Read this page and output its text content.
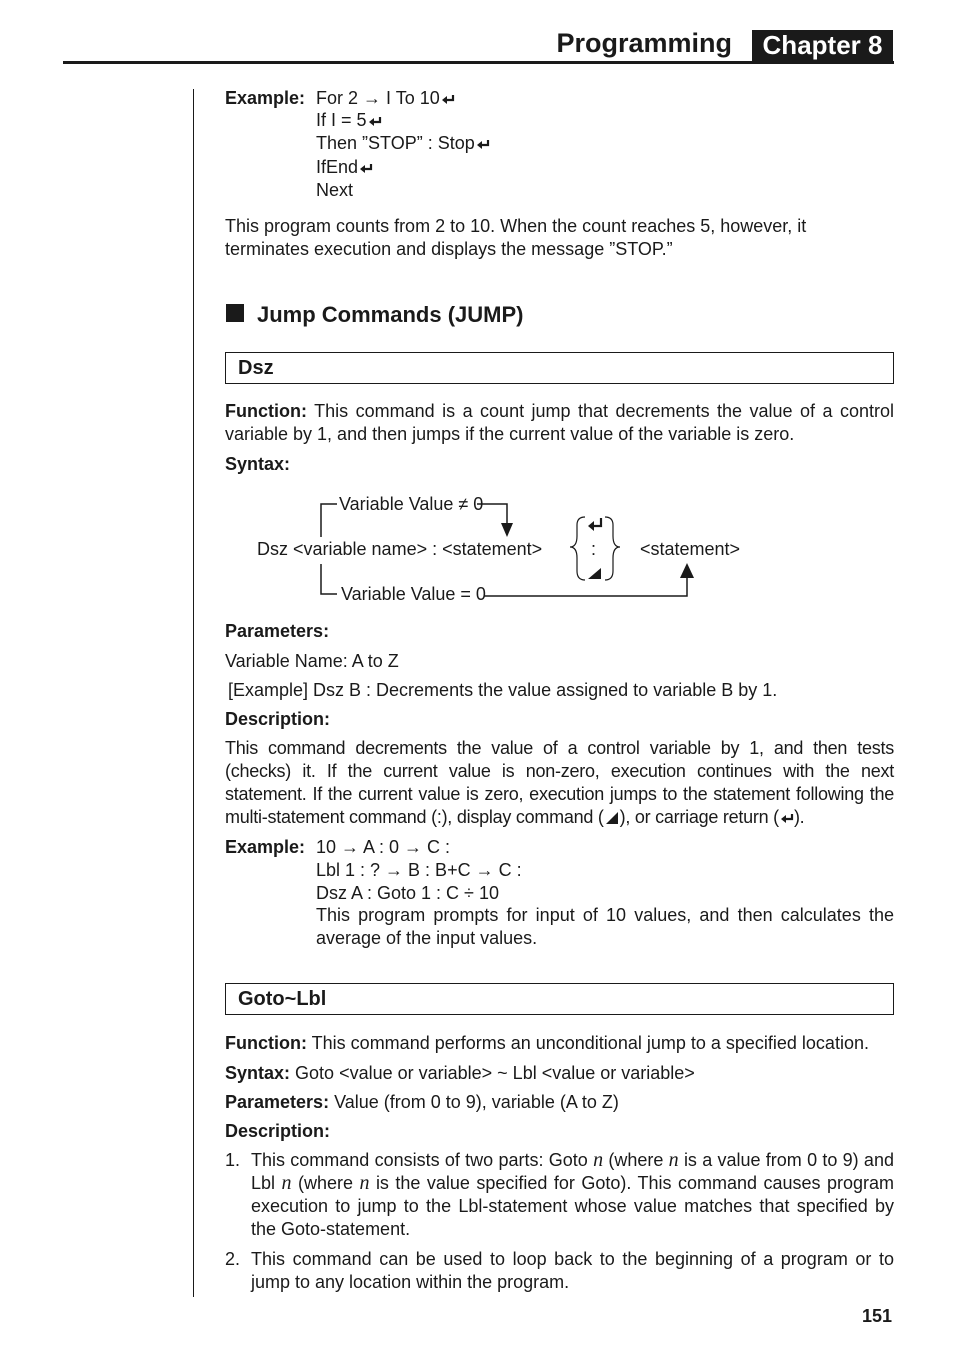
Programming	Chapter 8
Example: For 2 → I To 10
If I = 5
Then ”STOP” : Stop
IfEnd
Next
This program counts from 2 to 10. When the count reaches 5, however, it terminates execution and displays the message ”STOP.”
Jump Commands (JUMP)
Dsz
Function: This command is a count jump that decrements the value of a control variable by 1, and then jumps if the current value of the variable is zero.
Syntax:
Variable Value ≠ 0
Dsz <variable name> : <statement>	: <statement>
Variable Value = 0
Parameters:
Variable Name: A to Z
[Example] Dsz B : Decrements the value assigned to variable B by 1.
Description:
This command decrements the value of a control variable by 1, and then tests (checks) it. If the current value is non-zero, execution continues with the next statement. If the current value is zero, execution jumps to the statement following the multi-statement command (:), display command ( ), or carriage return ( ).
Example: 10 → A : 0 → C :
Lbl 1 : ? → B : B+C → C :
Dsz A : Goto 1 : C ÷ 10
This program prompts for input of 10 values, and then calculates the average of the input values.
Goto~Lbl
Function: This command performs an unconditional jump to a specified location.
Syntax: Goto <value or variable> ~ Lbl <value or variable>
Parameters: Value (from 0 to 9), variable (A to Z)
Description:
1. This command consists of two parts: Goto n (where n is a value from 0 to 9) and Lbl n (where n is the value specified for Goto). This command causes program execution to jump to the Lbl-statement whose value matches that specified by the Goto-statement.
2. This command can be used to loop back to the beginning of a program or to jump to any location within the program.
151
